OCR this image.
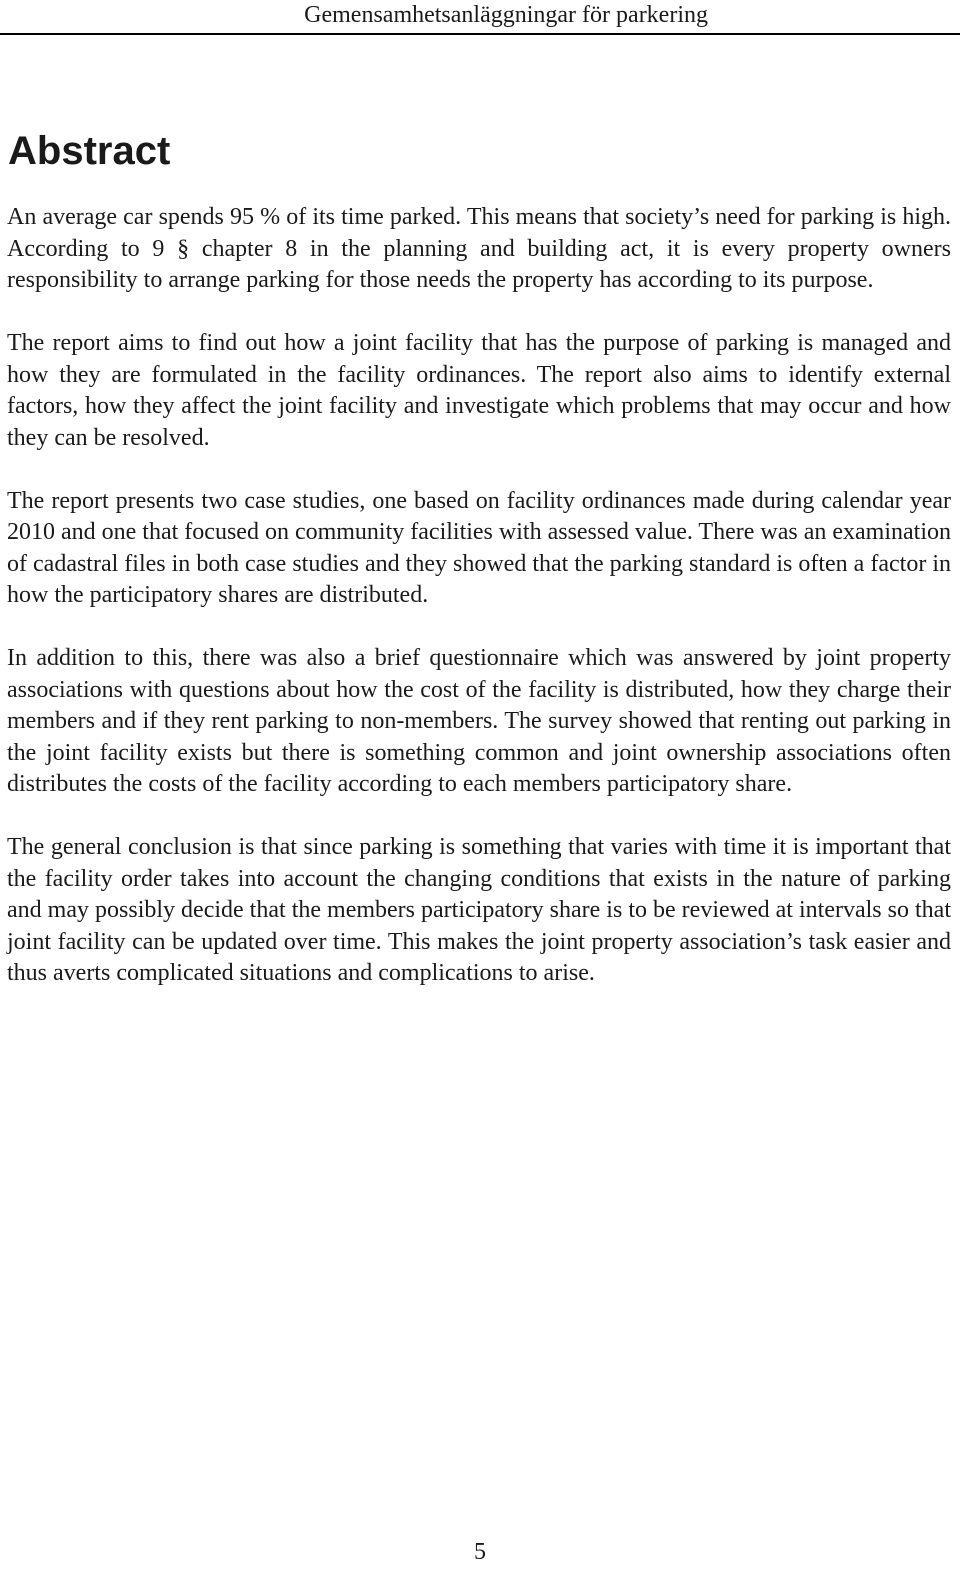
Gemensamhetsanläggningar för parkering
Abstract

An average car spends 95 % of its time parked. This means that society’s need for parking is high. According to 9 § chapter 8 in the planning and building act, it is every property owners responsibility to arrange parking for those needs the property has according to its purpose.

The report aims to find out how a joint facility that has the purpose of parking is managed and how they are formulated in the facility ordinances. The report also aims to identify external factors, how they affect the joint facility and investigate which problems that may occur and how they can be resolved.

The report presents two case studies, one based on facility ordinances made during calendar year 2010 and one that focused on community facilities with assessed value. There was an examination of cadastral files in both case studies and they showed that the parking standard is often a factor in how the participatory shares are distributed.

In addition to this, there was also a brief questionnaire which was answered by joint property associations with questions about how the cost of the facility is distributed, how they charge their members and if they rent parking to non-members. The survey showed that renting out parking in the joint facility exists but there is something common and joint ownership associations often distributes the costs of the facility according to each members participatory share.

The general conclusion is that since parking is something that varies with time it is important that the facility order takes into account the changing conditions that exists in the nature of parking and may possibly decide that the members participatory share is to be reviewed at intervals so that joint facility can be updated over time. This makes the joint property association’s task easier and thus averts complicated situations and complications to arise.

5
